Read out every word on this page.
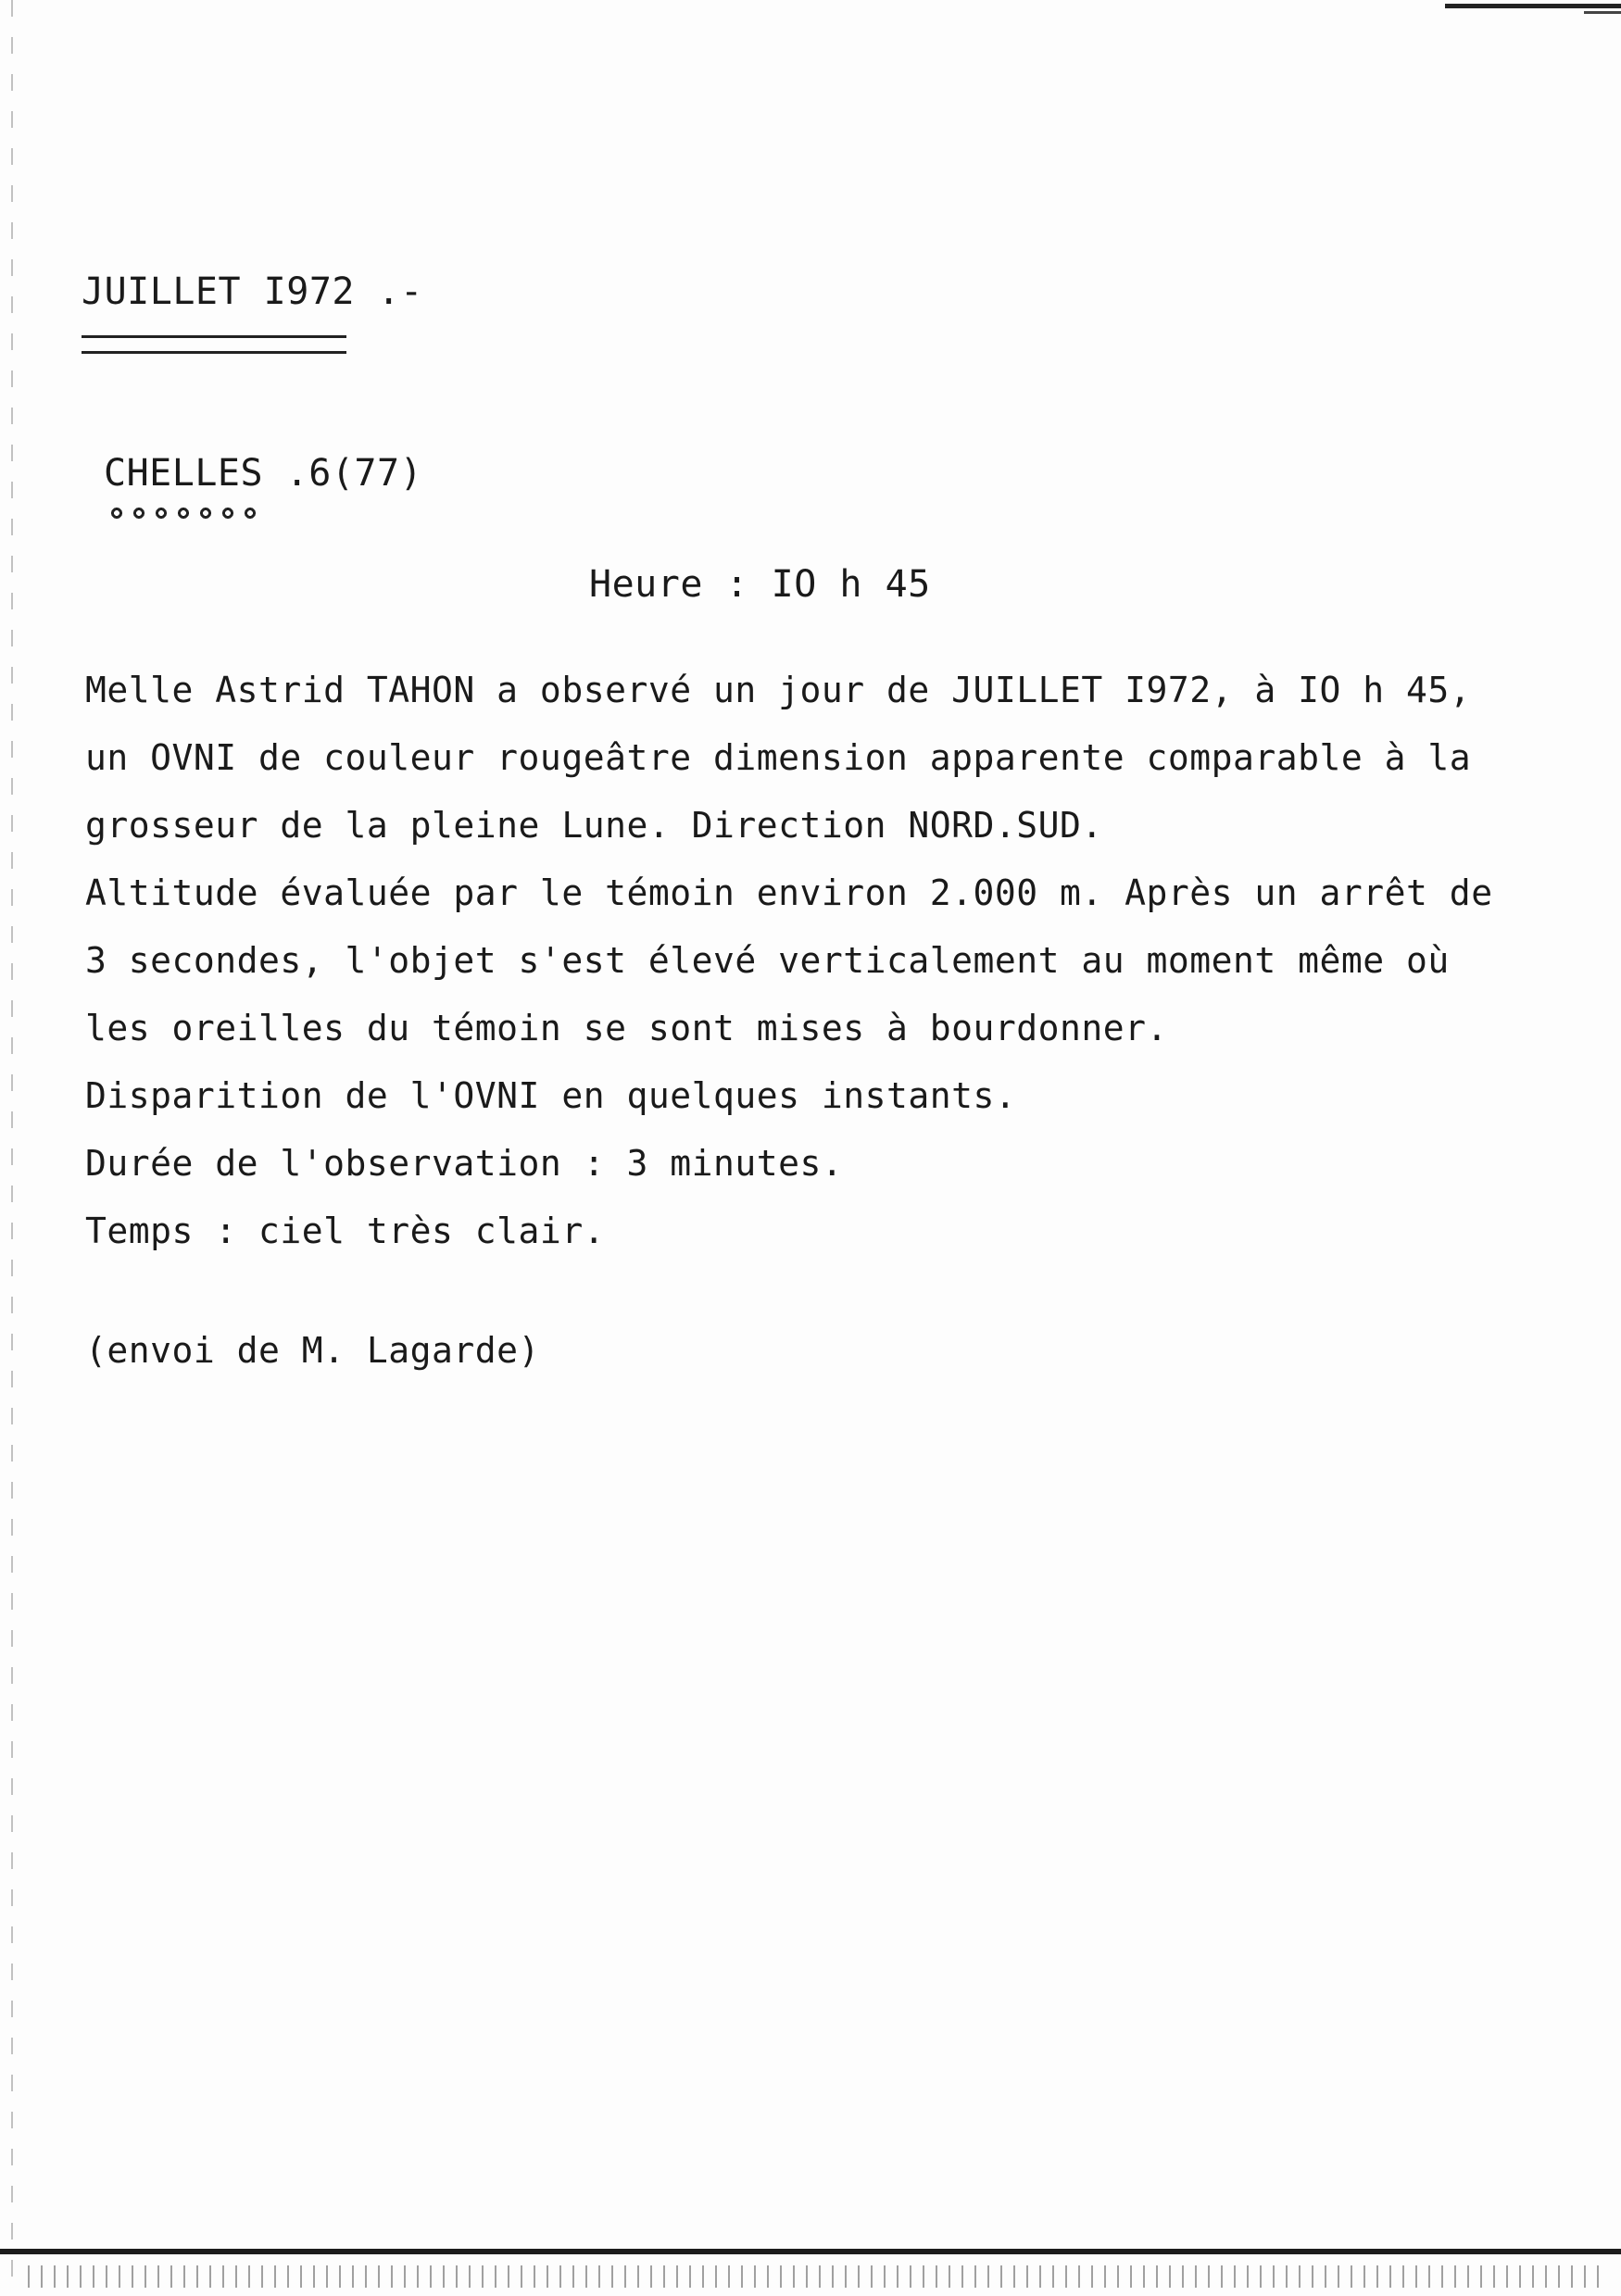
JUILLET I972 .-
CHELLES .6(77)
Heure : IO h 45
Melle Astrid TAHON a observé un jour de JUILLET I972, à IO h 45,
un OVNI de couleur rougeâtre dimension apparente comparable à la
grosseur de la pleine Lune. Direction NORD.SUD.
Altitude évaluée par le témoin environ 2.000 m. Après un arrêt de
3 secondes, l'objet s'est élevé verticalement au moment même où
les oreilles du témoin se sont mises à bourdonner.
Disparition de l'OVNI en quelques instants.
Durée de l'observation : 3 minutes.
Temps : ciel très clair.
(envoi de M. Lagarde)
